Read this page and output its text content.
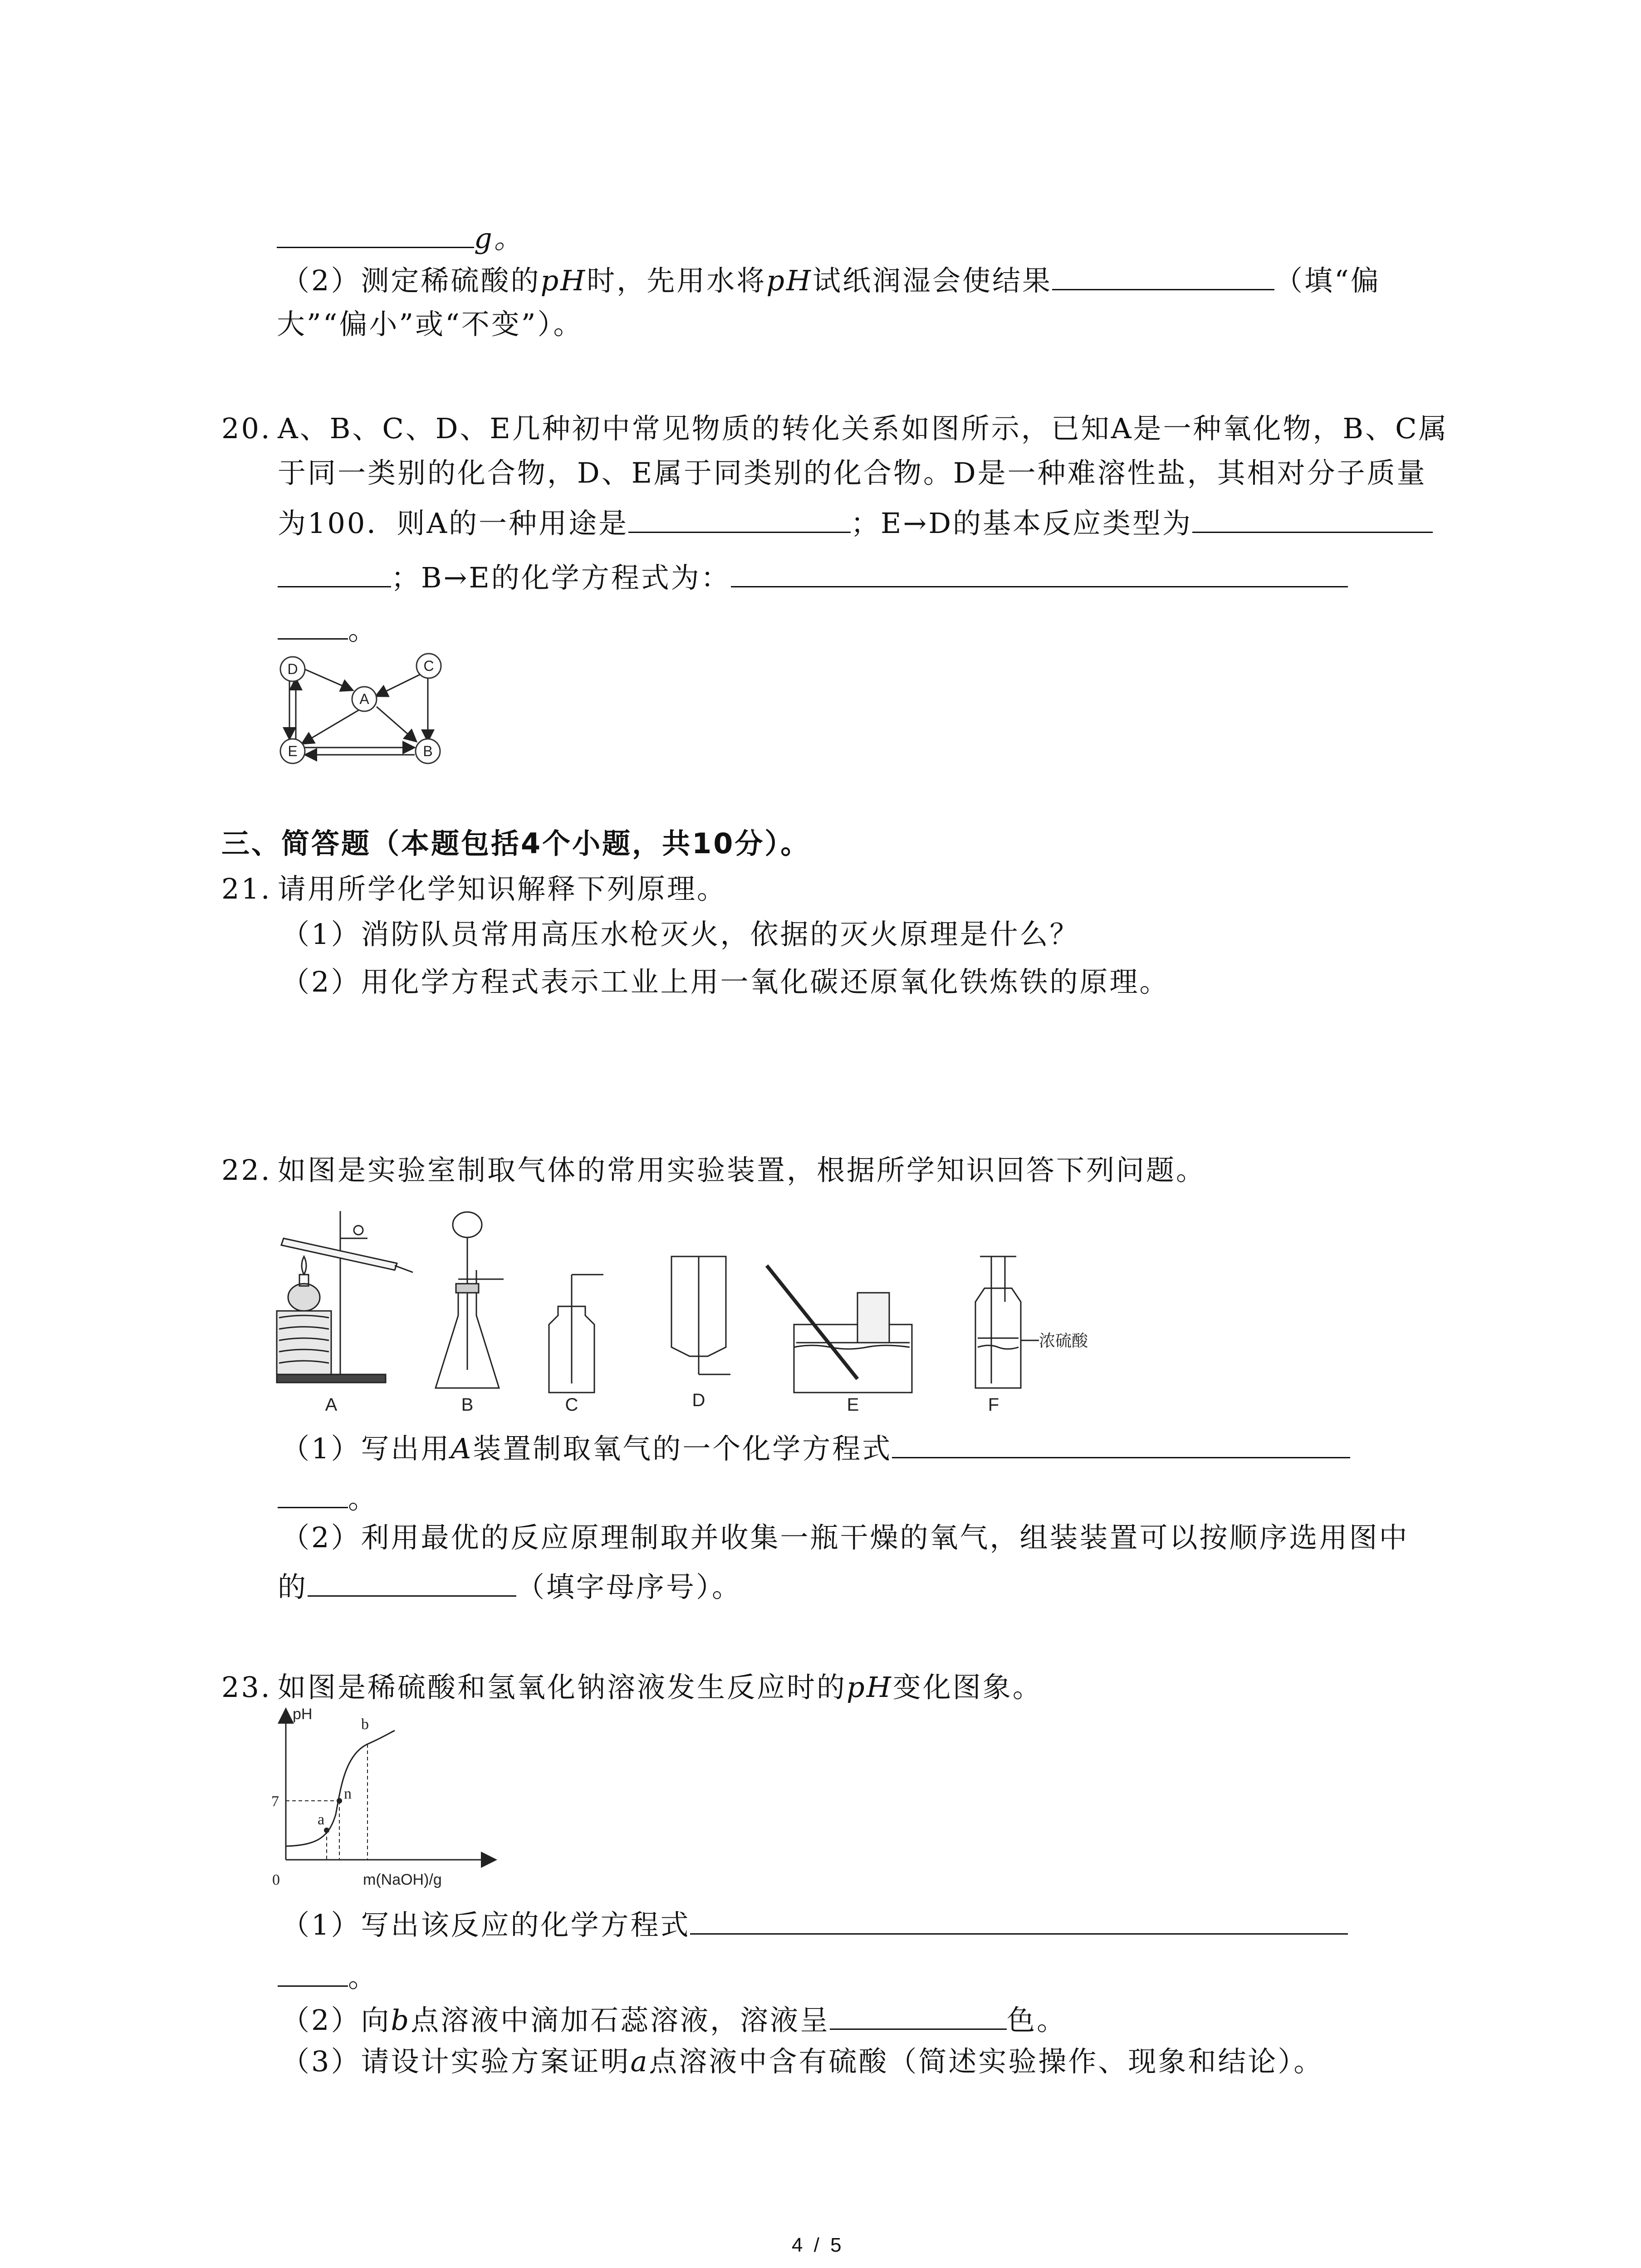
g。
（2）测定稀硫酸的pH时，先用水将pH试纸润湿会使结果	（填“偏
大”“偏小”或“不变”）。
20. A、B、C、D、E几种初中常见物质的转化关系如图所示，已知A是一种氧化物，B、C属
于同一类别的化合物，D、E属于同类别的化合物。D是一种难溶性盐，其相对分子质量
为100．则A的一种用途是	；E→D的基本反应类型为
；B→E的化学方程式为：
。
D
A
C
E	B
三、简答题（本题包括4个小题，共10分）。
21. 请用所学化学知识解释下列原理。
（1）消防队员常用高压水枪灭火，依据的灭火原理是什么？
（2）用化学方程式表示工业上用一氧化碳还原氧化铁炼铁的原理。
22. 如图是实验室制取气体的常用实验装置，根据所学知识回答下列问题。
浓硫酸
A	B	C	D	E	F
（1）写出用A装置制取氧气的一个化学方程式
。
（2）利用最优的反应原理制取并收集一瓶干燥的氧气，组装装置可以按顺序选用图中
的	（填字母序号）。
23. 如图是稀硫酸和氢氧化钠溶液发生反应时的pH变化图象。
pH
7
0	m(NaOH)/g
a
n
b
（1）写出该反应的化学方程式
。
（2）向b点溶液中滴加石蕊溶液，溶液呈	色。
（3）请设计实验方案证明a点溶液中含有硫酸（简述实验操作、现象和结论）。
4 / 5
